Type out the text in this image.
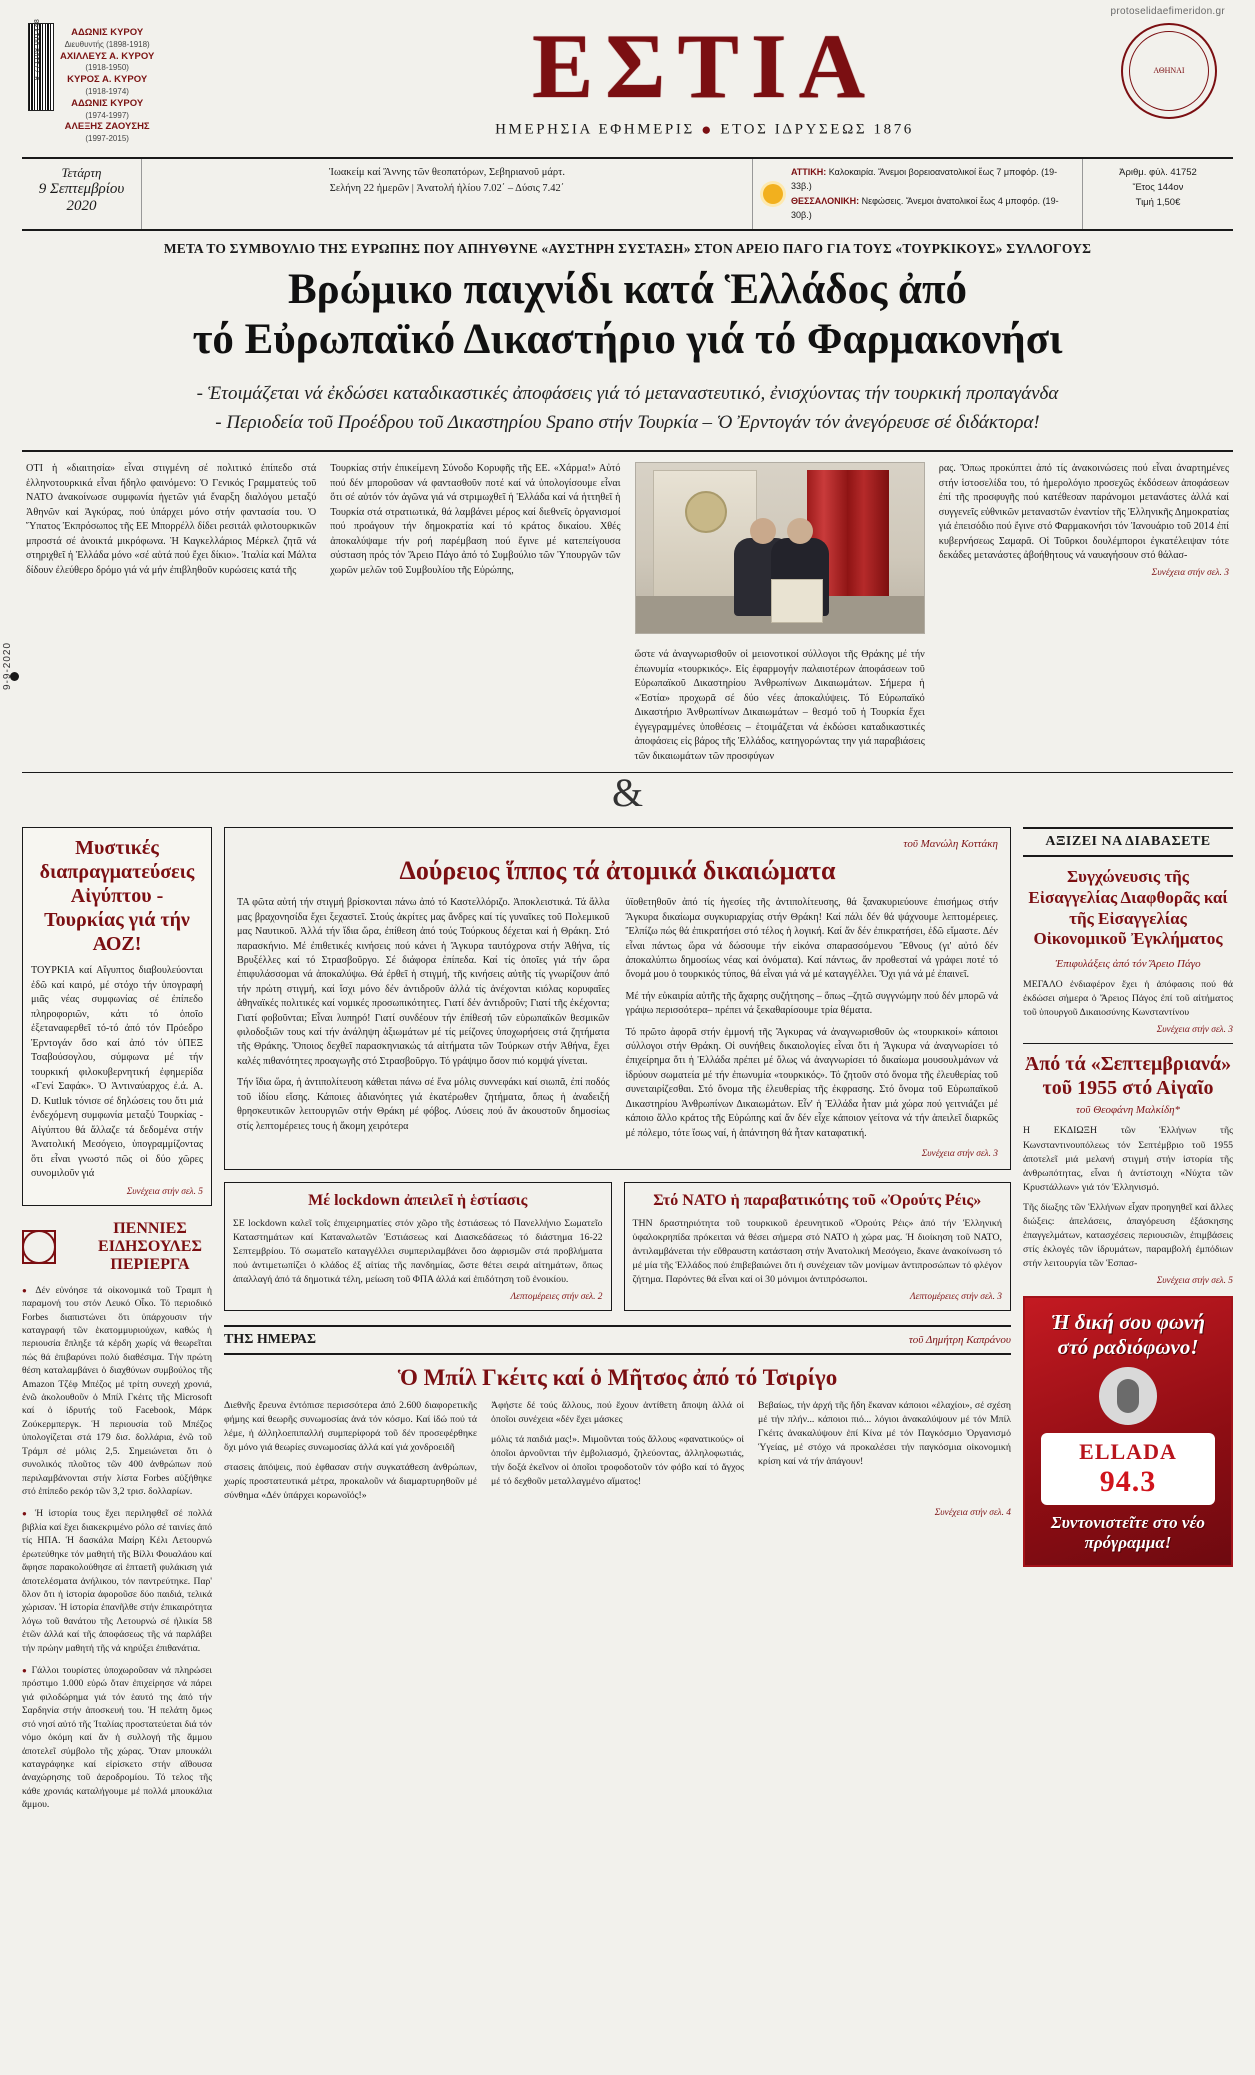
protoselidaefimeridon.gr
9 771108 001448	ΑΔΩΝΙΣ ΚΥΡΟΥ
Διευθυντής (1898-1918)
ΑΧΙΛΛΕΥΣ Α. ΚΥΡΟΥ
(1918-1950)
ΚΥΡΟΣ Α. ΚΥΡΟΥ
(1918-1974)
ΑΔΩΝΙΣ ΚΥΡΟΥ
(1974-1997)
ΑΛΕΞΗΣ ΖΑΟΥΣΗΣ
(1997-2015)
ΕΣΤΙΑ
ΗΜΕΡΗΣΙΑ ΕΦΗΜΕΡΙΣ ● ΕΤΟΣ ΙΔΡΥΣΕΩΣ 1876
ΑΘΗΝΑΙ
Τετάρτη
9 Σεπτεμβρίου 2020
Ἰωακείμ καί Ἄννης τῶν θεοπατόρων, Σεβηριανοῦ μάρτ.
Σελήνη 22 ἡμερῶν | Ἀνατολή ἡλίου 7.02΄ – Δύσις 7.42΄
ΑΤΤΙΚΗ: Καλοκαιρία. Ἄνεμοι βορειοανατολικοί ἕως 7 μποφόρ. (19-33β.)
ΘΕΣΣΑΛΟΝΙΚΗ: Νεφώσεις. Ἄνεμοι ἀνατολικοί ἕως 4 μποφόρ. (19-30β.)
Ἀριθμ. φύλ. 41752
Ἔτος 144ον
Τιμή 1,50€
ΜΕΤΑ ΤΟ ΣΥΜΒΟΥΛΙΟ ΤΗΣ ΕΥΡΩΠΗΣ ΠΟΥ ΑΠΗΥΘΥΝΕ «ΑΥΣΤΗΡΗ ΣΥΣΤΑΣΗ» ΣΤΟΝ ΑΡΕΙΟ ΠΑΓΟ ΓΙΑ ΤΟΥΣ «ΤΟΥΡΚΙΚΟΥΣ» ΣΥΛΛΟΓΟΥΣ
Βρώμικο παιχνίδι κατά Ἑλλάδος ἀπό
τό Εὐρωπαϊκό Δικαστήριο γιά τό Φαρμακονήσι
- Ἑτοιμάζεται νά ἐκδώσει καταδικαστικές ἀποφάσεις γιά τό μεταναστευτικό, ἐνισχύοντας τήν τουρκική προπαγάνδα
- Περιοδεία τοῦ Προέδρου τοῦ Δικαστηρίου Spano στήν Τουρκία – Ὁ Ἐρντογάν τόν ἀνεγόρευσε σέ διδάκτορα!

ΟΤΙ ἡ «διαιτησία» εἶναι στιγμένη σέ πολιτικό ἐπίπεδο στά ἑλληνοτουρκικά εἶναι ἤδηλο φαινόμενο: Ὁ Γενικός Γραμματεύς τοῦ ΝΑΤΟ ἀνακοίνωσε συμφωνία ἡγετῶν γιά ἔναρξη διαλόγου μεταξύ Ἀθηνῶν καί Ἀγκύρας, πού ὑπάρχει μόνο στήν φαντασία του. Ὁ Ὕπατος Ἐκπρόσωπος τῆς ΕΕ Μπορρέλλ δίδει ρεσιτάλ φιλοτουρκικῶν μπροστά σέ ἀνοικτά μικρόφωνα. Ἡ Καγκελλάριος Μέρκελ ζητᾶ νά στηριχθεῖ ἡ Ἑλλάδα μόνο «σέ αὐτά πού ἔχει δίκιο». Ἰταλία καί Μάλτα δίδουν ἐλεύθερο δρόμο γιά νά μήν ἐπιβληθοῦν κυρώσεις κατά τῆς

Τουρκίας στήν ἐπικείμενη Σύνοδο Κορυφῆς τῆς ΕΕ. «Χάρμα!» Αὐτό πού δέν μποροῦσαν νά φαντασθοῦν ποτέ καί νά ὑπολογίσουμε εἶναι ὅτι σέ αὐτόν τόν ἀγῶνα γιά νά στριμωχθεῖ ἡ Ἑλλάδα καί νά ἡττηθεῖ ἡ Τουρκία στά στρατιωτικά, θά λαμβάνει μέρος καί διεθνεῖς ὀργανισμοί πού προάγουν τήν δημοκρατία καί τό κράτος δικαίου. Χθές ἀποκαλύψαμε τήν ροή παρέμβαση πού ἔγινε μέ κατεπείγουσα σύσταση πρός τόν Ἄρειο Πάγο ἀπό τό Συμβούλιο τῶν Ὑπουργῶν τῶν χωρῶν μελῶν τοῦ Συμβουλίου τῆς Εὐρώπης,

ρας. Ὅπως προκύπτει ἀπό τίς ἀνακοινώσεις πού εἶναι ἀναρτημένες στήν ἱστοσελίδα του, τό ἡμερολόγιο προσεχῶς ἐκδόσεων ἀποφάσεων ἐπί τῆς προσφυγῆς πού κατέθεσαν παράνομοι μετανάστες ἀλλά καί συγγενεῖς εὐθνικῶν μεταναστῶν ἐναντίον τῆς Ἑλληνικῆς Δημοκρατίας γιά ἐπεισόδιο πού ἔγινε στό Φαρμακονήσι τόν Ἰανουάριο τοῦ 2014 ἐπί κυβερνήσεως Σαμαρᾶ. Οἱ Τοῦρκοι δουλέμποροι ἐγκατέλειψαν τότε δεκάδες μετανάστες ἀβοήθητους νά ναυαγήσουν στό θάλασ-

Συνέχεια στήν σελ. 3

ὥστε νά ἀναγνωρισθοῦν οἱ μειονοτικοί σύλλογοι τῆς Θράκης μέ τήν ἐπωνυμία «τουρκικός». Εἰς ἐφαρμογήν παλαιοτέρων ἀποφάσεων τοῦ Εὐρωπαϊκοῦ Δικαστηρίου Ἀνθρωπίνων Δικαιωμάτων. Σήμερα ἡ «Ἑστία» προχωρᾶ σέ δύο νέες ἀποκαλύψεις. Τό Εὐρωπαϊκό Δικαστήριο Ἀνθρωπίνων Δικαιωμάτων – θεσμό τοῦ ἡ Τουρκία ἔχει ἐγγεγραμμένες ὑποθέσεις – ἑτοιμάζεται νά ἐκδώσει καταδικαστικές ἀποφάσεις εἰς βάρος τῆς Ἑλλάδος, κατηγορώντας την γιά παραβιάσεις τῶν δικαιωμάτων τῶν προσφύγων

&
9-9-2020
Μυστικές διαπραγματεύσεις Αἰγύπτου - Τουρκίας γιά τήν ΑΟΖ!
ΤΟΥΡΚΙΑ καί Αἴγυπτος διαβουλεύονται ἐδῶ καί καιρό, μέ στόχο τήν ὑπογραφή μιᾶς νέας συμφωνίας σέ ἐπίπεδο πληροφοριῶν, κάτι τό ὁποῖο ἐξεταναφερθεῖ τό-τό ἀπό τόν Πρόεδρο Ἐρντογάν ὅσο καί ἀπό τόν ὑΠΕΞ Τσαβούσογλου, σύμφωνα μέ τήν τουρκική φιλοκυβερνητική ἐφημερίδα «Γενί Σαφάκ». Ὁ Ἀντιναύαρχος ἐ.ά. A. D. Kutluk τόνισε σέ δηλώσεις του ὅτι μιά ἐνδεχόμενη συμφωνία μεταξύ Τουρκίας - Αἰγύπτου θά ἄλλαζε τά δεδομένα στήν Ἀνατολική Μεσόγειο, ὑπογραμμίζοντας ὅτι εἶναι γνωστό πῶς οἱ δύο χῶρες συνομιλοῦν γιά
Συνέχεια στήν σελ. 5
ΠΕΝΝΙΕΣ ΕΙΔΗΣΟΥΛΕΣ ΠΕΡΙΕΡΓΑ
● Δέν εὐνόησε τά οἰκονομικά τοῦ Τραμπ ἡ παραμονή του στόν Λευκό Οἶκο. Τό περιοδικό Forbes διαπιστώνει ὅτι ὑπάρχουσιν τήν καταγραφή τῶν ἑκατομμυριούχων, καθώς ἡ περιουσία ἔπληξε τά κέρδη χωρίς νά θεωρεῖται πώς θά ἐπιβαρύνει πολύ διαθέσιμα. Τήν πρώτη θέση καταλαμβάνει ὁ διαχθύνων συμβούλος τῆς Amazon Τζέφ Μπέζος μέ τρίτη συνεχή χρονιά, ἐνῶ ἀκολουθοῦν ὁ Μπίλ Γκέιτς τῆς Microsoft καί ὁ ἱδρυτής τοῦ Facebook, Μάρκ Ζούκερμπεργκ. Ἡ περιουσία τοῦ Μπέζος ὑπολογίζεται στά 179 δισ. δολλάρια, ἐνῶ τοῦ Τράμπ σέ μόλις 2,5. Σημειώνεται ὅτι ὁ συνολικός πλοῦτος τῶν 400 ἀνθρώπων πού περιλαμβάνονται στήν λίστα Forbes αὐξήθηκε στό ἐπίπεδο ρεκόρ τῶν 3,2 τρισ. δολλαρίων.
● Ἡ ἱστορία τους ἔχει περιληφθεῖ σέ πολλά βιβλία καί ἔχει διακεκριμένο ρόλο σέ ταινίες ἀπό τίς ΗΠΑ. Ἡ δασκάλα Μαίρη Κέλι Λετουρνώ ἐρωτεύθηκε τόν μαθητή τῆς Βίλλι Φουαλάου καί ἄφησε παρακολούθησε αἱ ἑπταετῆ φυλάκιση γιά ἀποτελέσματα ἀνήλικου, τόν παντρεύτηκε. Παρ' ὅλον ὅτι ἡ ἱστορία ἀφοροῦσε δύο παιδιά, τελικά χώρισαν. Ἡ ἱστορία ἐπανῆλθε στήν ἐπικαιρότητα λόγω τοῦ θανάτου τῆς Λετουρνώ σέ ἡλικία 58 ἐτῶν ἀλλά καί τῆς ἀποφάσεως τῆς νά παρλάβει τήν πρώην μαθητή τῆς νά κηρύξει ἐπιθανάτια.
● Γάλλοι τουρίστες ὑποχωροῦσαν νά πληρώσει πρόστιμο 1.000 εὐρώ ὅταν ἐπιχείρησε νά πάρει γιά φιλοδώρημα γιά τόν ἑαυτό της ἀπό τήν Σαρδηνία στήν ἀποσκευή του. Ἡ πελάτη ὅμως στό νησί αὐτό τῆς Ἰταλίας προστατεύεται διά τόν νόμο ὀκόμη καί ἄν ἡ συλλογή τῆς ἄμμου ἀποτελεῖ σύμβολο τῆς χώρας. Ὅταν μπουκάλι καταγράφηκε καί εἰρίσκετο στήν αἴθουσα ἀναχώρησης τοῦ ἀεροδρομίου. Τό τελος τῆς κάθε χρονιάς καταλήγουμε μέ πολλά μπουκάλια ἄμμου.
τοῦ Μανώλη Κοττάκη
Δούρειος ἵππος τά ἀτομικά δικαιώματα

ΤΑ φῶτα αὐτή τήν στιγμή βρίσκονται πάνω ἀπό τό Καστελλόριζο. Ἀποκλειστικά. Τά ἄλλα μας βραχονησίδα ἔχει ξεχαστεῖ. Στούς ἀκρίτες μας ἄνδρες καί τίς γυναῖκες τοῦ Πολεμικοῦ μας Ναυτικοῦ. Ἀλλά τήν ἴδια ὥρα, ἐπίθεση ἀπό τούς Τούρκους δέχεται καί ἡ Θράκη. Στό παρασκήνιο. Μέ ἐπιθετικές κινήσεις πού κάνει ἡ Ἄγκυρα ταυτόχρονα στήν Ἀθήνα, τίς Βρυξέλλες καί τό Στρασβοῦργο. Σέ διάφορα ἐπίπεδα. Καί τίς ὁποῖες γιά τήν ὥρα ἐπιφυλάσσομαι νά ἀποκαλύψω. Θά ἐρθεῖ ἡ στιγμή, τῆς κινήσεις αὐτῆς τίς γνωρίζουν ἀπό τήν πρώτη στιγμή, καί ἴσχι μόνο δέν ἀντιδροῦν ἀλλά τίς ἀνέχονται κιόλας κορυφαῖες ἀθηναϊκές πολιτικές καί νομικές προσωπικότητες. Γιατί δέν ἀντιδροῦν; Γιατί τῆς ἐκέχοντα; Γιατί φοβοῦνται; Εἶναι λυπηρό! Γιατί συνδέουν τήν ἐπίθεσή τῶν εὐρωπαϊκῶν θεσμικῶν φιλοδοξιῶν τους καί τήν ἀνάληψη ἀξιωμάτων μέ τίς μείζονες ὑποχωρήσεις στά ζητήματα τῆς Θράκης. Ὅποιος δεχθεῖ παρασκηνιακώς τά αἰτήματα τῶν Τούρκων στήν Ἀθήνα, ἔχει καλές πιθανότητες προαγωγῆς στό Στρασβοῦργο. Τό γράψιμο ὅσον πιό κομψά γίνεται.

Τήν ἴδια ὥρα, ἡ ἀντιπολίτευση κάθεται πάνω σέ ἔνα μόλις συννεφάκι καί σιωπᾶ, ἐπί ποδός τοῦ ἰδίου εἴσης. Κάποιες ἀδιανόητες γιά ἑκατέρωθεν ζητήματα, ὅπως ἡ ἀναδειξή θρησκευτικῶν λειτουργιῶν στήν Θράκη μέ φόβος. Λύσεις πού ἄν ἀκουστοῦν δημοσίως στίς λεπτομέρειες τους ἡ ἄκομη χειρότερα

ὑϊοθετηθοῦν ἀπό τίς ἡγεσίες τῆς ἀντιπολίτευσης, θά ξανακυριεύουνε ἐπισήμως στήν Ἄγκυρα δικαίωμα συγκυριαρχίας στήν Θράκη! Καί πάλι δέν θά ψάχνουμε λεπτομέρειες. Ἔλπίζω πώς θά ἐπικρατήσει στό τέλος ἡ λογική. Καί ἄν δέν ἐπικρατήσει, ἐδῶ εἴμαστε. Δέν εἶναι πάντως ὥρα νά δώσουμε τήν εἰκόνα σπαρασσόμενου Ἔθνους (γι' αὐτό δέν ἀποκαλύπτω δημοσίως νέας καί ὀνόματα). Καί πάντως, ἄν προθεσταί νά γράφει ποτέ τό ὄνομά μου ὁ τουρκικός τύπος, θά εἶναι γιά νά μέ καταγγέλλει. Ὄχι γιά νά μέ ἐπαινεῖ.

Μέ τήν εὐκαιρία αὐτῆς τῆς ἄχαρης συζήτησης – ὅπως –ζητῶ συγγνώμην πού δέν μπορῶ νά γράψω περισσότερα– πρέπει νά ξεκαθαρίσουμε τρία θέματα.

Τό πρῶτο ἀφορᾶ στήν ἐμμονή τῆς Ἄγκυρας νά ἀναγνωρισθοῦν ὡς «τουρκικοί» κάποιοι σύλλογοι στήν Θράκη. Οἱ συνήθεις δικαιολογίες εἶναι ὅτι ἡ Ἄγκυρα νά ἀναγνωρίσει τό ἐπιχείρημα ὅτι ἡ Ἑλλάδα πρέπει μέ ὅλως νά ἀναγνωρίσει τό δικαίωμα μουσουλμάνων νά ἰδρύουν σωματεία μέ τήν ἐπωνυμία «τουρκικός». Τό ζητοῦν στό ὄνομα τῆς ἐλευθερίας τοῦ συνεταιρίζεσθαι. Στό ὄνομα τῆς ἐλευθερίας τῆς ἐκφρασης. Στό ὄνομα τοῦ Εὐρωπαϊκοῦ Δικαστηρίου Ἀνθρωπίνων Δικαιωμάτων. Εἶν' ἡ Ἑλλάδα ἦταν μιά χώρα πού γειτνιάζει μέ κάποιο ἄλλο κράτος τῆς Εὐρώπης καί ἄν δέν εἶχε κάποιον γείτονα νά τήν ἀπειλεῖ διαρκῶς μέ πόλεμο, τότε ἴσως ναί, ἡ ἀπάντηση θά ἦταν καταφατική.

Συνέχεια στήν σελ. 3
Μέ lockdown ἀπειλεῖ ἡ ἑστίασις
ΣΕ lockdown καλεῖ τοῖς ἐπιχειρηματίες στόν χῶρο τῆς ἑστιάσεως τό Πανελλήνιο Σωματεῖο Καταστημάτων καί Καταναλωτῶν Ἑστιάσεως καί Διασκεδάσεως τό διάστημα 16-22 Σεπτεμβρίου. Τό σωματεῖο καταγγέλλει συμπεριλαμβάνει ὅσο ἀφρισμῶν στά προβλήματα πού ἀντιμετωπίζει ὁ κλάδος ἐξ αἰτίας τῆς πανδημίας, ὥστε θέτει σειρά αἰτημάτων, ὅπως ἀπαλλαγή ἀπό τά δημοτικά τέλη, μείωση τοῦ ΦΠΑ ἀλλά καί ἐπιδότηση τοῦ ἐνοικίου.
Λεπτομέρειες στήν σελ. 2
Στό ΝΑΤΟ ἡ παραβατικότης τοῦ «Ὀρούτς Ρέις»
ΤΗΝ δραστηριότητα τοῦ τουρκικοῦ ἐρευνητικοῦ «Ὀρούτς Ρέις» ἀπό τήν Ἑλληνική ὑφαλοκρηπίδα πρόκειται νά θέσει σήμερα στό ΝΑΤΟ ἡ χώρα μας. Ἡ διοίκηση τοῦ ΝΑΤΟ, ἀντιλαμβάνεται τήν εὔθραυστη κατάσταση στήν Ἀνατολική Μεσόγειο, ἔκανε ἀνακοίνωση τό μέ μία τῆς Ἑλλάδος πού ἐπιβεβαιώνει ὅτι ἡ συνέχειαν τῶν μονίμων ἀντιπροσώπων τό φλέγον ζήτημα. Παρόντες θά εἶναι καί οἱ 30 μόνιμοι ἀντιπρόσωποι.
Λεπτομέρειες στήν σελ. 3
ΤΗΣ ΗΜΕΡΑΣ	τοῦ Δημήτρη Καπράνου
Ὁ Μπίλ Γκέιτς καί ὁ Μῆτσος ἀπό τό Τσιρίγο

Διεθνῆς ἔρευνα ἐντόπισε περισσότερα ἀπό 2.600 διαφορετικῆς φήμης καί θεωρῆς συνωμοσίας ἀνά τόν κόσμο. Καί ἰδώ πού τά λέμε, ἡ ἀλληλοεπιπαλλή συμπερίφορά τοῦ δέν προσεφέρθηκε ὄχι μόνο γιά θεωρίες συνωμοσίας ἀλλά καί γιά χονδροειδῆ

στασεις ἀπόψεις, πού ἐφθασαν στήν συγκατάθεση ἀνθρώπων, χωρίς προστατευτικά μέτρα, προκαλοῦν νά διαμαρτυρηθοῦν μέ σύνθημα «Δέν ὑπάρχει κορωνοϊός!»

Ἀφήστε δέ τούς ἄλλους, πού ἔχουν ἀντίθετη ἄποψη ἀλλά οἱ ὁποῖοι συνέχεια «δέν ἔχει μάσκες

μόλις τά παιδιά μας!». Μιμοῦνται τούς ἄλλους «φανατικούς» οἱ ὁποῖοι ἀρνοῦνται τήν ἐμβολιασμό, ζηλεύοντας, ἀλληλοφωτιάς, τήν δοξά ἐκεῖνον οἱ ὁποῖοι τροφοδοτοῦν τόν φόβο καί τό ἄγχος μέ τό δεχθοῦν μεταλλαγμένο αἵματος!

Βεβαίως, τήν ἀρχή τῆς ἤδη ἔκαναν κάποιοι «ἐλαχίοι», σέ σχέση μέ τήν πλήν... κάποιοι πιό... λόγιοι ἀνακαλύψουν μέ τόν Μπίλ Γκέιτς ἀνακαλύψουν ἐπί Κίνα μέ τόν Παγκόσμιο Ὀργανισμό Ὑγείας, μέ στόχο νά προκαλέσει τήν παγκόσμια οἰκονομική κρίση καί νά τήν ἀπάγουν!

Συνέχεια στήν σελ. 4
ΑΞΙΖΕΙ ΝΑ ΔΙΑΒΑΣΕΤΕ
Συγχώνευσις τῆς Εἰσαγγελίας Διαφθορᾶς καί τῆς Εἰσαγγελίας Οἰκονομικοῦ Ἐγκλήματος
Ἐπιφυλάξεις ἀπό τόν Ἄρειο Πάγο
ΜΕΓΑΛΟ ἐνδιαφέρον ἔχει ἡ ἀπόφασις πού θά ἐκδώσει σήμερα ὁ Ἄρειος Πάγος ἐπί τοῦ αἰτήματος τοῦ ὑπουργοῦ Δικαιοσύνης Κωνσταντίνου
Συνέχεια στήν σελ. 3
Ἀπό τά «Σεπτεμβριανά» τοῦ 1955 στό Αἰγαῖο
τοῦ Θεοφάνη Μαλκίδη*
Η ΕΚΔΙΩΞΗ τῶν Ἑλλήνων τῆς Κωνσταντινουπόλεως τόν Σεπτέμβριο τοῦ 1955 ἀποτελεῖ μιά μελανή στιγμή στήν ἱστορία τῆς ἀνθρωπότητας, εἶναι ἡ ἀντίστοιχη «Νύχτα τῶν Κρυστάλλων» γιά τόν Ἑλληνισμό.
Τῆς δίωξης τῶν Ἑλλήνων εἶχαν προηγηθεῖ καί ἄλλες διώξεις: ἀπελάσεις, ἀπαγόρευση ἐξάσκησης ἐπαγγελμάτων, κατασχέσεις περιουσιῶν, ἐπιμβάσεις στίς ἐκλογές τῶν ἰδρυμάτων, παραμβολή ἐμπόδιων στήν λειτουργία τῶν Ἑσπασ-
Συνέχεια στήν σελ. 5
Ἡ δική σου φωνή στό ραδιόφωνο!
ELLADA
94.3
Συντονιστεῖτε στο νέο πρόγραμμα!
